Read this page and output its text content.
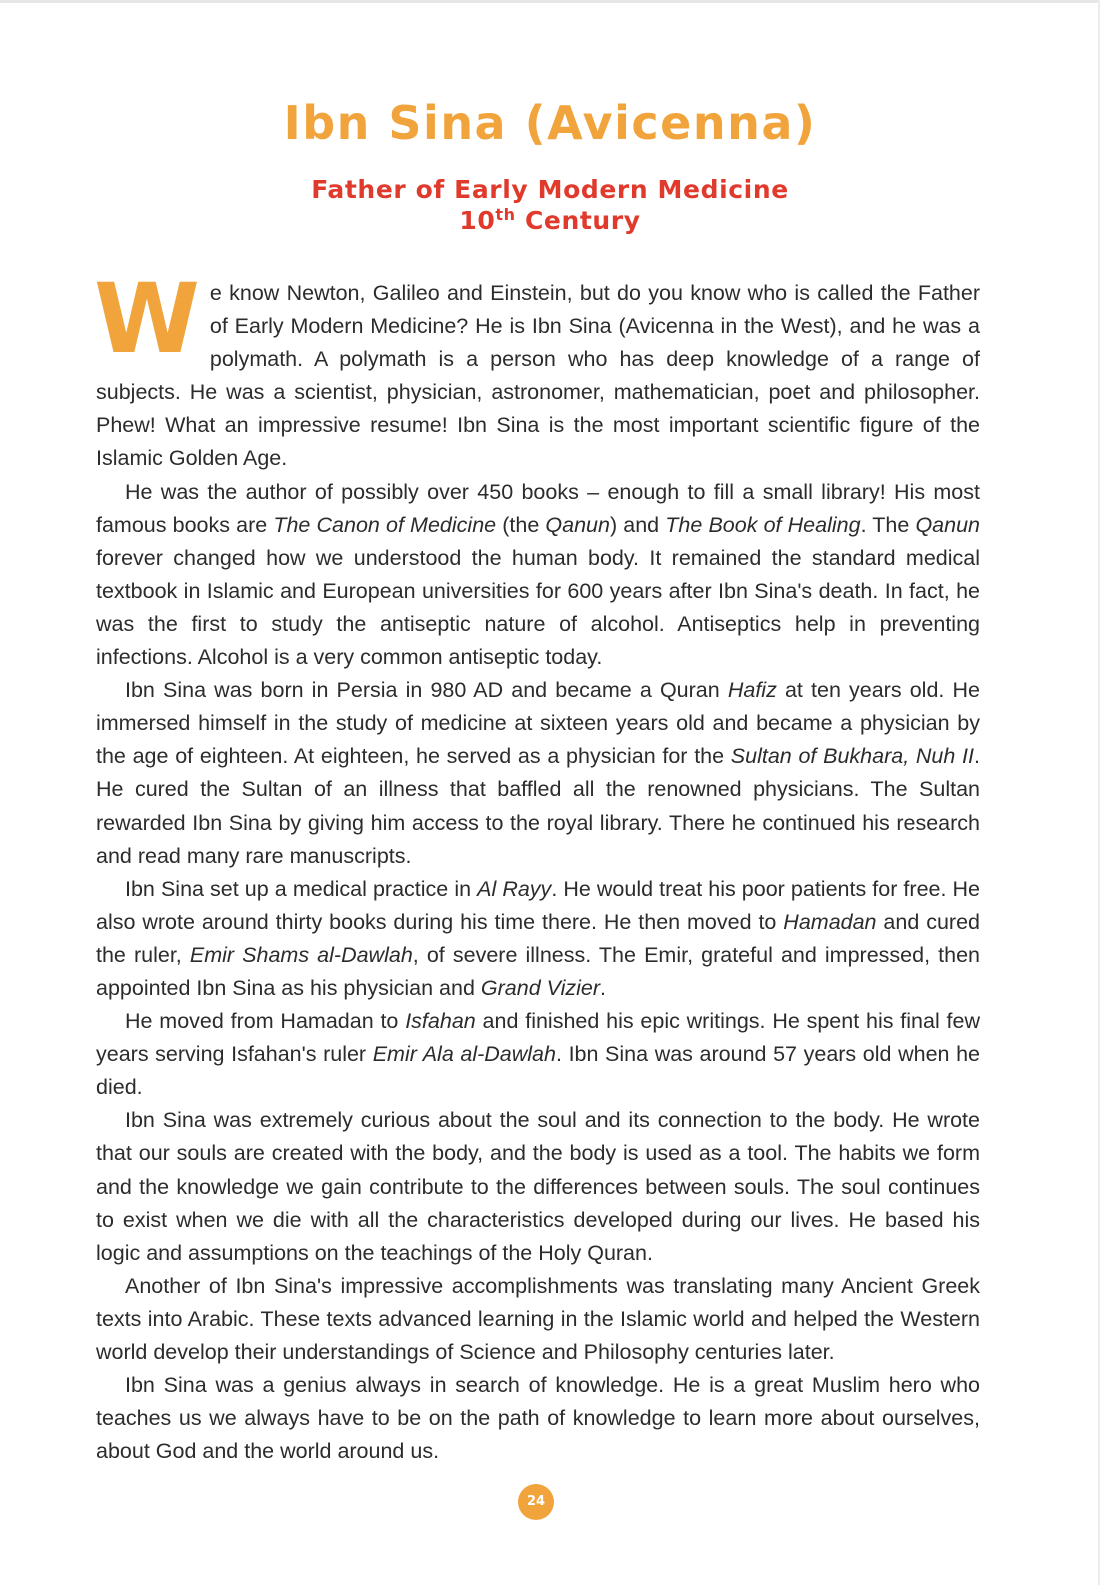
Ibn Sina (Avicenna)
Father of Early Modern Medicine
10th Century

We know Newton, Galileo and Einstein, but do you know who is called the Father of Early Modern Medicine? He is Ibn Sina (Avicenna in the West), and he was a polymath. A polymath is a person who has deep knowledge of a range of subjects. He was a scientist, physician, astronomer, mathematician, poet and philosopher. Phew! What an impressive resume! Ibn Sina is the most important scientific figure of the Islamic Golden Age.

He was the author of possibly over 450 books – enough to fill a small library! His most famous books are The Canon of Medicine (the Qanun) and The Book of Healing. The Qanun forever changed how we understood the human body. It remained the standard medical textbook in Islamic and European universities for 600 years after Ibn Sina's death. In fact, he was the first to study the antiseptic nature of alcohol. Antiseptics help in preventing infections. Alcohol is a very common antiseptic today.

Ibn Sina was born in Persia in 980 AD and became a Quran Hafiz at ten years old. He immersed himself in the study of medicine at sixteen years old and became a physician by the age of eighteen. At eighteen, he served as a physician for the Sultan of Bukhara, Nuh II. He cured the Sultan of an illness that baffled all the renowned physicians. The Sultan rewarded Ibn Sina by giving him access to the royal library. There he continued his research and read many rare manuscripts.

Ibn Sina set up a medical practice in Al Rayy. He would treat his poor patients for free. He also wrote around thirty books during his time there. He then moved to Hamadan and cured the ruler, Emir Shams al-Dawlah, of severe illness. The Emir, grateful and impressed, then appointed Ibn Sina as his physician and Grand Vizier.

He moved from Hamadan to Isfahan and finished his epic writings. He spent his final few years serving Isfahan's ruler Emir Ala al-Dawlah. Ibn Sina was around 57 years old when he died.

Ibn Sina was extremely curious about the soul and its connection to the body. He wrote that our souls are created with the body, and the body is used as a tool. The habits we form and the knowledge we gain contribute to the differences between souls. The soul continues to exist when we die with all the characteristics developed during our lives. He based his logic and assumptions on the teachings of the Holy Quran.

Another of Ibn Sina's impressive accomplishments was translating many Ancient Greek texts into Arabic. These texts advanced learning in the Islamic world and helped the Western world develop their understandings of Science and Philosophy centuries later.

Ibn Sina was a genius always in search of knowledge. He is a great Muslim hero who teaches us we always have to be on the path of knowledge to learn more about ourselves, about God and the world around us.

24
